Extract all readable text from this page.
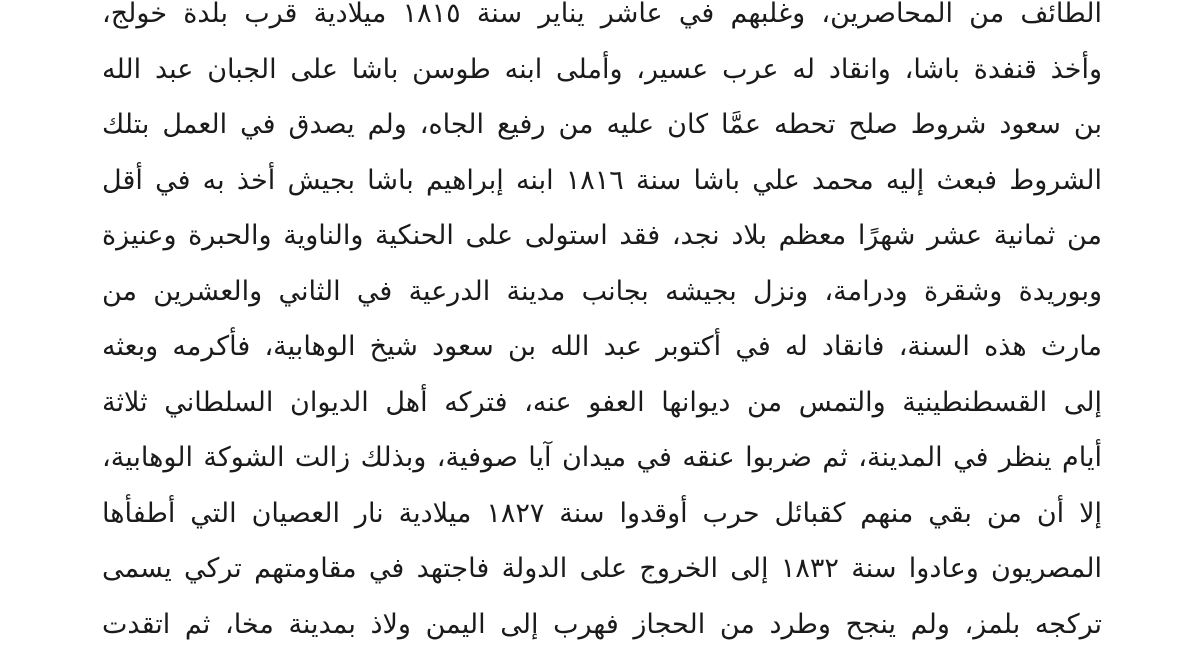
الطائف من المحاصرين، وغلبهم في عاشر يناير سنة ١٨١٥ ميلادية قرب بلدة خولج،
وأخذ قنفدة باشا، وانقاد له عرب عسير، وأملى ابنه طوسن باشا على الجبان عبد الله
بن سعود شروط صلح تحطه عمَّا كان عليه من رفيع الجاه، ولم يصدق في العمل بتلك
الشروط فبعث إليه محمد علي باشا سنة ١٨١٦ ابنه إبراهيم باشا بجيش أخذ به في أقل
من ثمانية عشر شهرًا معظم بلاد نجد، فقد استولى على الحنكية والناوية والحبرة وعنيزة
وبوريدة وشقرة ودرامة، ونزل بجيشه بجانب مدينة الدرعية في الثاني والعشرين من
مارث هذه السنة، فانقاد له في أكتوبر عبد الله بن سعود شيخ الوهابية، فأكرمه وبعثه
إلى القسطنطينية والتمس من ديوانها العفو عنه، فتركه أهل الديوان السلطاني ثلاثة
أيام ينظر في المدينة، ثم ضربوا عنقه في ميدان آيا صوفية، وبذلك زالت الشوكة الوهابية،
إلا أن من بقي منهم كقبائل حرب أوقدوا سنة ١٨٢٧ ميلادية نار العصيان التي أطفأها
المصريون وعادوا سنة ١٨٣٢ إلى الخروج على الدولة فاجتهد في مقاومتهم تركي يسمى
تركجه بلمز، ولم ينجح وطرد من الحجاز فهرب إلى اليمن ولاذ بمدينة مخا، ثم اتقدت
